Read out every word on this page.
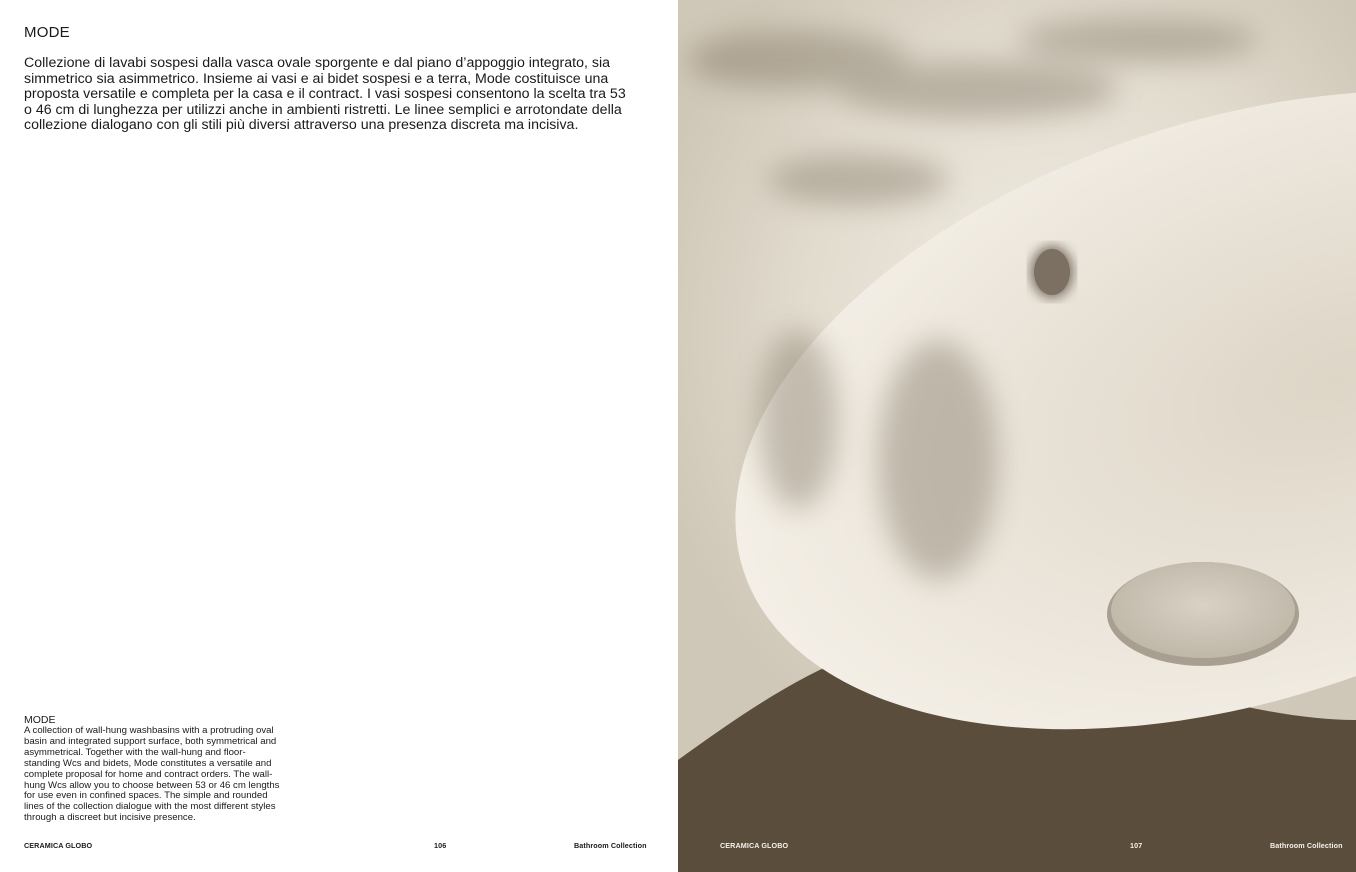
MODE

Collezione di lavabi sospesi dalla vasca ovale sporgente e dal piano d’appoggio integrato, sia simmetrico sia asimmetrico. Insieme ai vasi e ai bidet sospesi e a terra, Mode costituisce una proposta versatile e completa per la casa e il contract. I vasi sospesi consentono la scelta tra 53 o 46 cm di lunghezza per utilizzi anche in ambienti ristretti. Le linee semplici e arrotondate della collezione dialogano con gli stili più diversi attraverso una presenza discreta ma incisiva.

MODE

A collection of wall-hung washbasins with a protruding oval basin and integrated support surface, both symmetrical and asymmetrical. Together with the wall-hung and floor-standing Wcs and bidets, Mode constitutes a versatile and complete proposal for home and contract orders. The wall-hung Wcs allow you to choose between 53 or 46 cm lengths for use even in confined spaces. The simple and rounded lines of the collection dialogue with the most different styles through a discreet but incisive presence.

CERAMICA GLOBO	106	Bathroom Collection	CERAMICA GLOBO	107	Bathroom Collection
